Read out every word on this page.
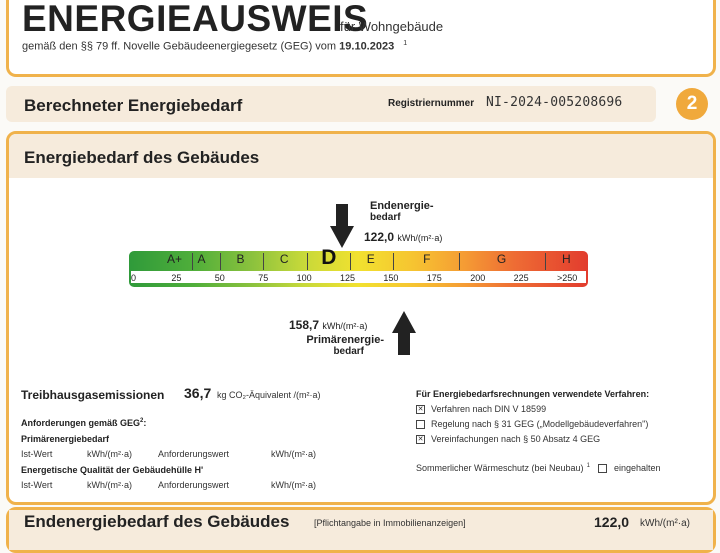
ENERGIEAUSWEIS
für Wohngebäude
gemäß den §§ 79 ff. Novelle Gebäudeenergiegesetz (GEG) vom 19.10.2023 $^1$
Berechneter Energiebedarf	Registriernummer NI-2024-005208696	2
Energiebedarf des Gebäudes
Endenergie-
bedarf
122,0 kWh/(m²·a)
A+ A	B	C D	E	F	G	H
0	25	50	75	100	125	150	175	200	225	>250
158,7 kWh/(m²·a)
Primärenergie-
bedarf
Treibhausgasemissionen 36,7 kg CO₂-Äquivalent /(m²·a)
Anforderungen gemäß GEG$^2$:
Primärenergiebedarf
Ist-Wert	kWh/(m²·a)	Anforderungswert	kWh/(m²·a)
Energetische Qualität der Gebäudehülle H'
Ist-Wert	kWh/(m²·a)	Anforderungswert	kWh/(m²·a)
Für Energiebedarfsrechnungen verwendete Verfahren:
✕ Verfahren nach DIN V 18599
Regelung nach § 31 GEG („Modellgebäudeverfahren")
✕ Vereinfachungen nach § 50 Absatz 4 GEG
Sommerlicher Wärmeschutz (bei Neubau) $^1$	eingehalten
Endenergiebedarf des Gebäudes	[Pflichtangabe in Immobilienanzeigen]	122,0 kWh/(m²·a)
